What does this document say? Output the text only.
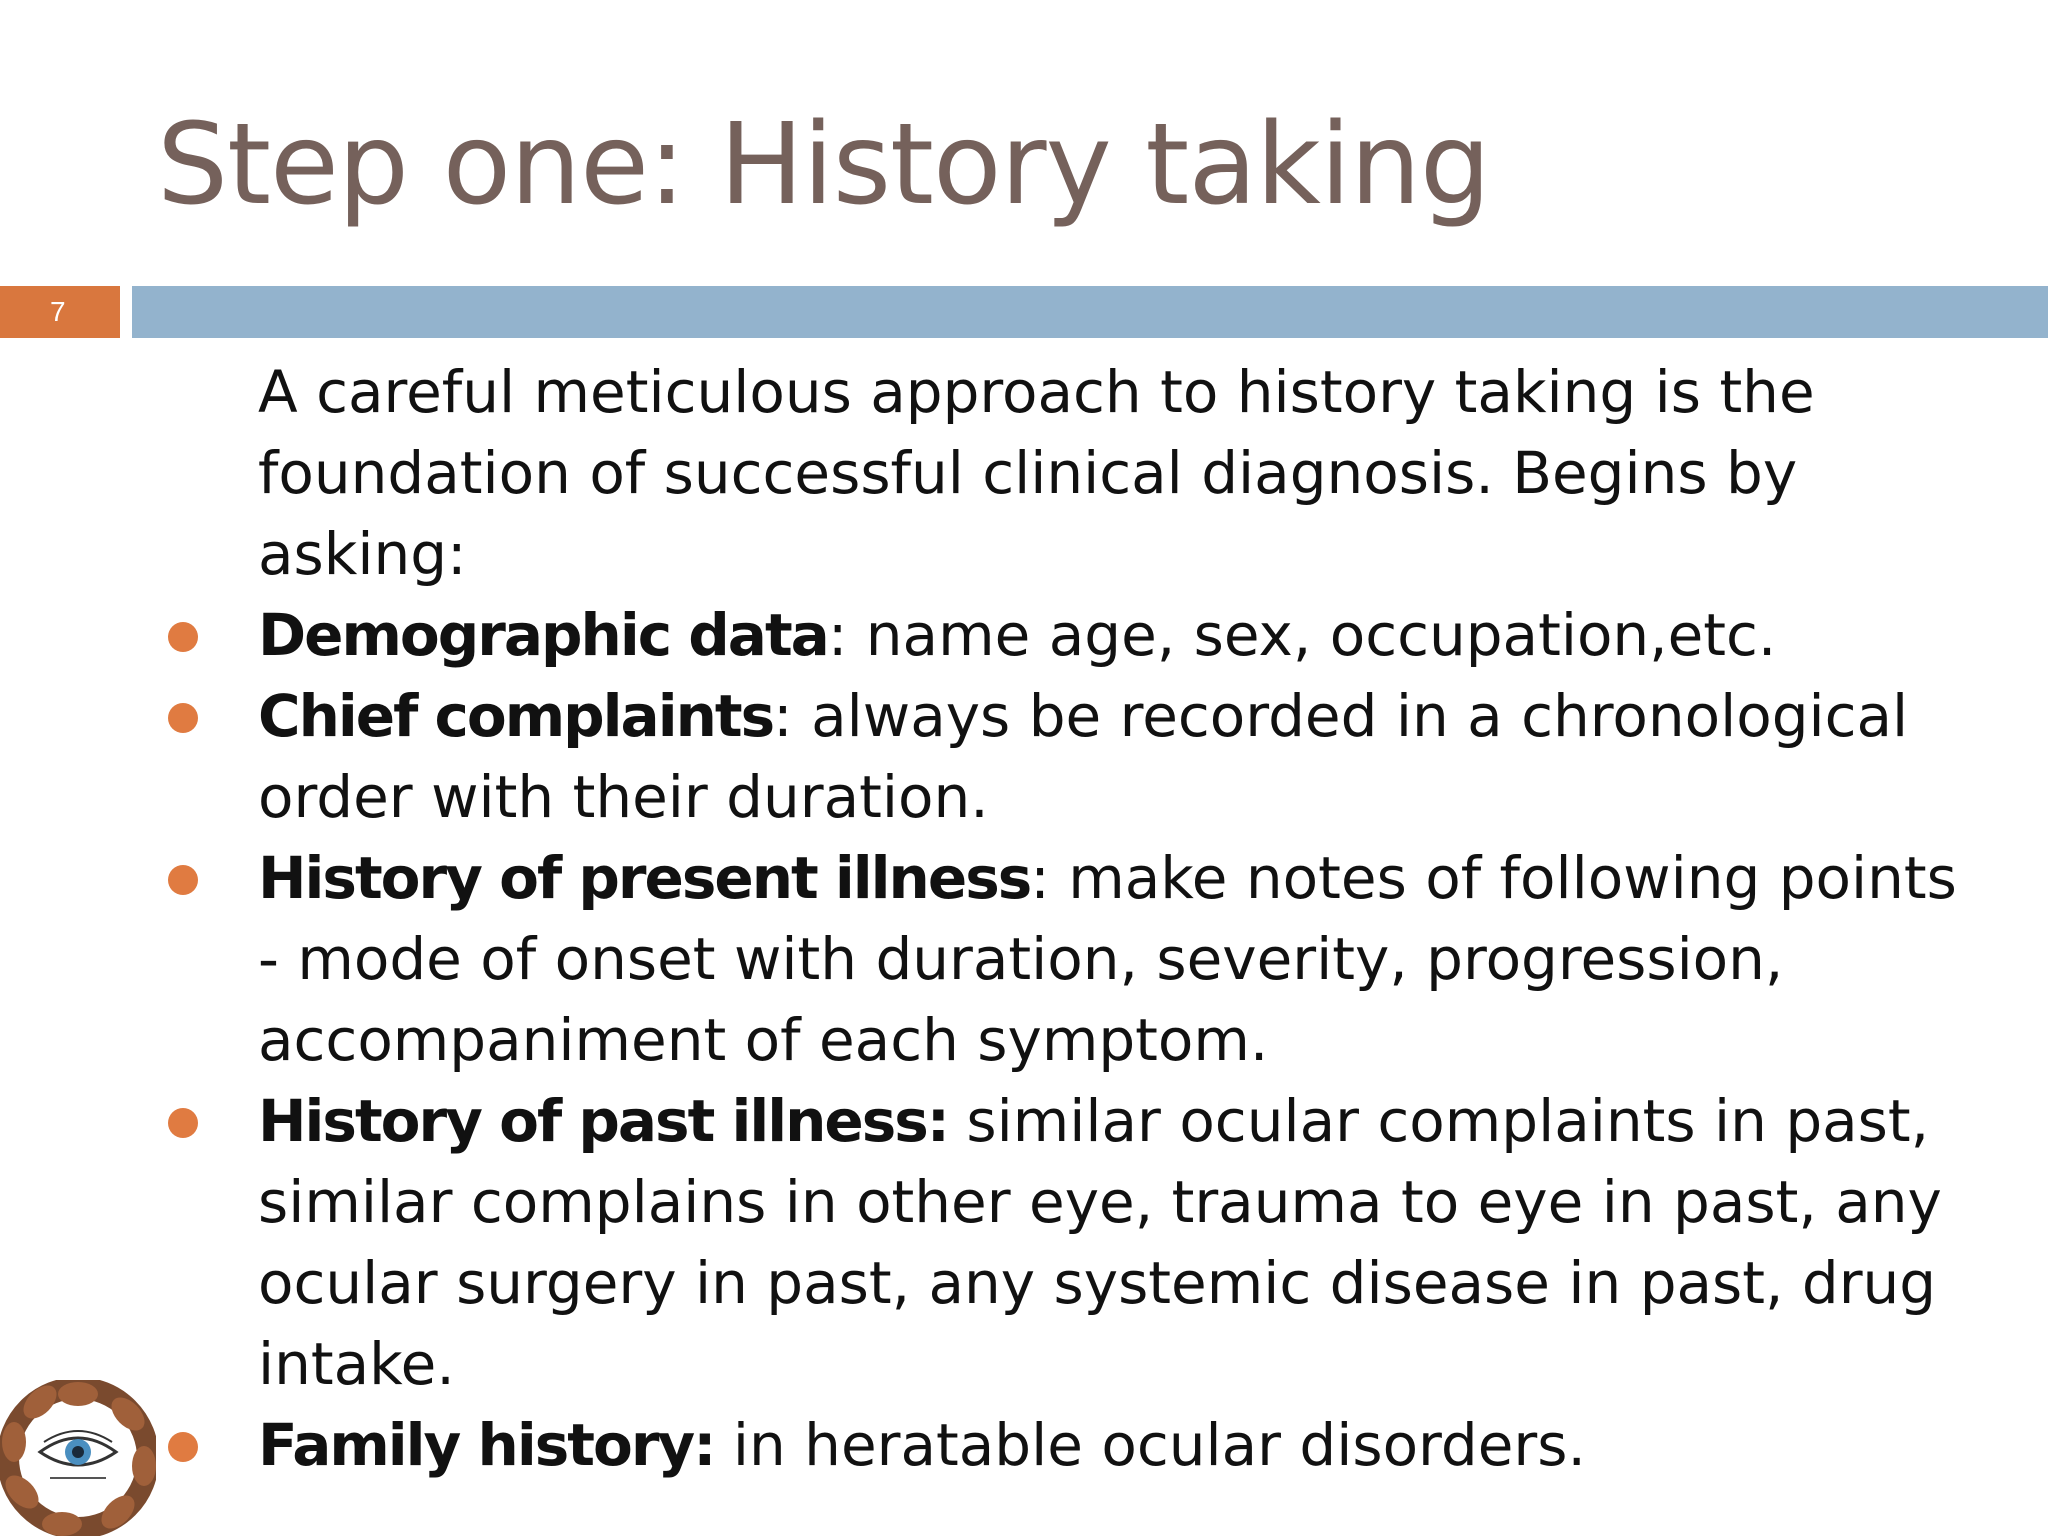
Step one: History taking
7

A careful meticulous approach to history taking is the foundation of successful clinical diagnosis. Begins by asking:

Demographic data: name age, sex, occupation,etc.
Chief complaints: always be recorded in a chronological order with their duration.
History of present illness: make notes of following points - mode of onset with duration, severity, progression, accompaniment of each symptom.
History of past illness: similar ocular complaints in past, similar complains in other eye, trauma to eye in past, any ocular surgery in past, any systemic disease in past, drug intake.
Family history: in heratable ocular disorders.
